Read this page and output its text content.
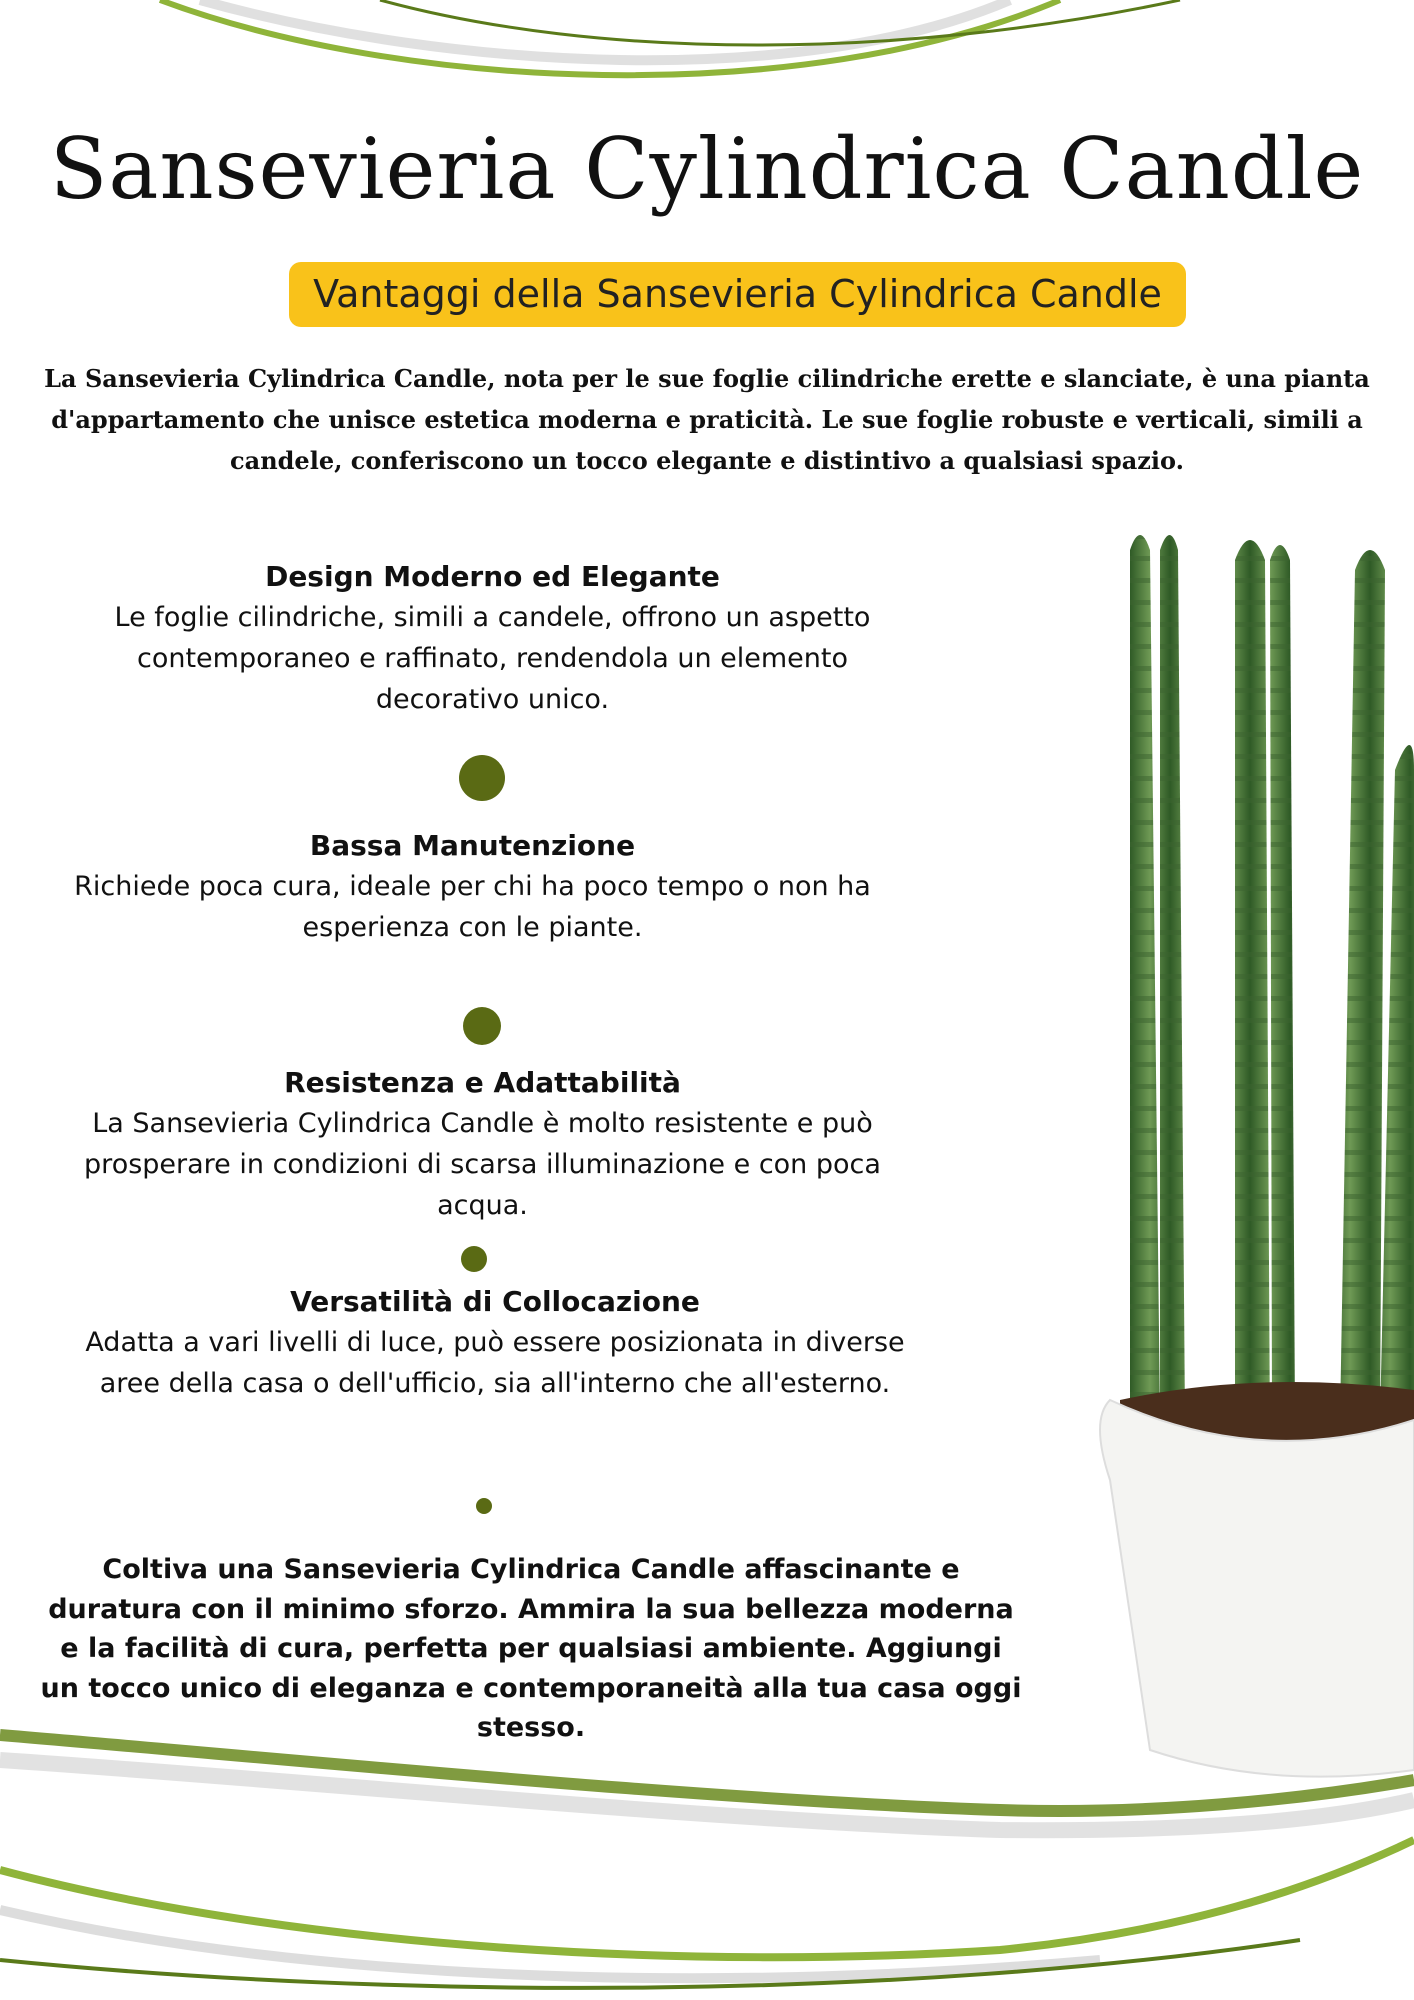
Sansevieria Cylindrica Candle
Vantaggi della Sansevieria Cylindrica Candle
La Sansevieria Cylindrica Candle, nota per le sue foglie cilindriche erette e slanciate, è una pianta d'appartamento che unisce estetica moderna e praticità. Le sue foglie robuste e verticali, simili a candele, conferiscono un tocco elegante e distintivo a qualsiasi spazio.
Design Moderno ed Elegante

Le foglie cilindriche, simili a candele, offrono un aspetto contemporaneo e raffinato, rendendola un elemento decorativo unico.

Bassa Manutenzione

Richiede poca cura, ideale per chi ha poco tempo o non ha esperienza con le piante.

Resistenza e Adattabilità

La Sansevieria Cylindrica Candle è molto resistente e può prosperare in condizioni di scarsa illuminazione e con poca acqua.

Versatilità di Collocazione

Adatta a vari livelli di luce, può essere posizionata in diverse aree della casa o dell'ufficio, sia all'interno che all'esterno.

Coltiva una Sansevieria Cylindrica Candle affascinante e duratura con il minimo sforzo. Ammira la sua bellezza moderna e la facilità di cura, perfetta per qualsiasi ambiente. Aggiungi un tocco unico di eleganza e contemporaneità alla tua casa oggi stesso.
